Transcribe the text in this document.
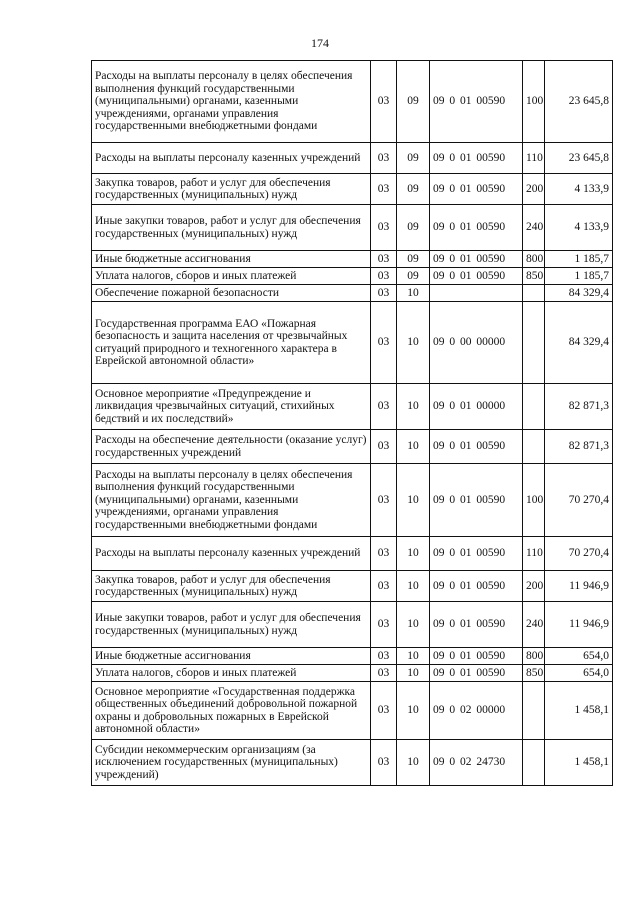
174
Расходы на выплаты персоналу в целях обеспечения выполнения функций государственными (муниципальными) органами, казенными учреждениями, органами управления государственными внебюджетными фондами	03	09	09 0 01 00590	100	23 645,8
Расходы на выплаты персоналу казенных учреждений	03	09	09 0 01 00590	110	23 645,8
Закупка товаров, работ и услуг для обеспечения государственных (муниципальных) нужд	03	09	09 0 01 00590	200	4 133,9
Иные закупки товаров, работ и услуг для обеспечения государственных (муниципальных) нужд	03	09	09 0 01 00590	240	4 133,9
Иные бюджетные ассигнования	03	09	09 0 01 00590	800	1 185,7
Уплата налогов, сборов и иных платежей	03	09	09 0 01 00590	850	1 185,7
Обеспечение пожарной безопасности	03	10			84 329,4
Государственная программа ЕАО «Пожарная безопасность и защита населения от чрезвычайных ситуаций природного и техногенного характера в Еврейской автономной области»	03	10	09 0 00 00000		84 329,4
Основное мероприятие «Предупреждение и ликвидация чрезвычайных ситуаций, стихийных бедствий и их последствий»	03	10	09 0 01 00000		82 871,3
Расходы на обеспечение деятельности (оказание услуг) государственных учреждений	03	10	09 0 01 00590		82 871,3
Расходы на выплаты персоналу в целях обеспечения выполнения функций государственными (муниципальными) органами, казенными учреждениями, органами управления государственными внебюджетными фондами	03	10	09 0 01 00590	100	70 270,4
Расходы на выплаты персоналу казенных учреждений	03	10	09 0 01 00590	110	70 270,4
Закупка товаров, работ и услуг для обеспечения государственных (муниципальных) нужд	03	10	09 0 01 00590	200	11 946,9
Иные закупки товаров, работ и услуг для обеспечения государственных (муниципальных) нужд	03	10	09 0 01 00590	240	11 946,9
Иные бюджетные ассигнования	03	10	09 0 01 00590	800	654,0
Уплата налогов, сборов и иных платежей	03	10	09 0 01 00590	850	654,0
Основное мероприятие «Государственная поддержка общественных объединений добровольной пожарной охраны и добровольных пожарных в Еврейской автономной области»	03	10	09 0 02 00000		1 458,1
Субсидии некоммерческим организациям (за исключением государственных (муниципальных) учреждений)	03	10	09 0 02 24730		1 458,1
